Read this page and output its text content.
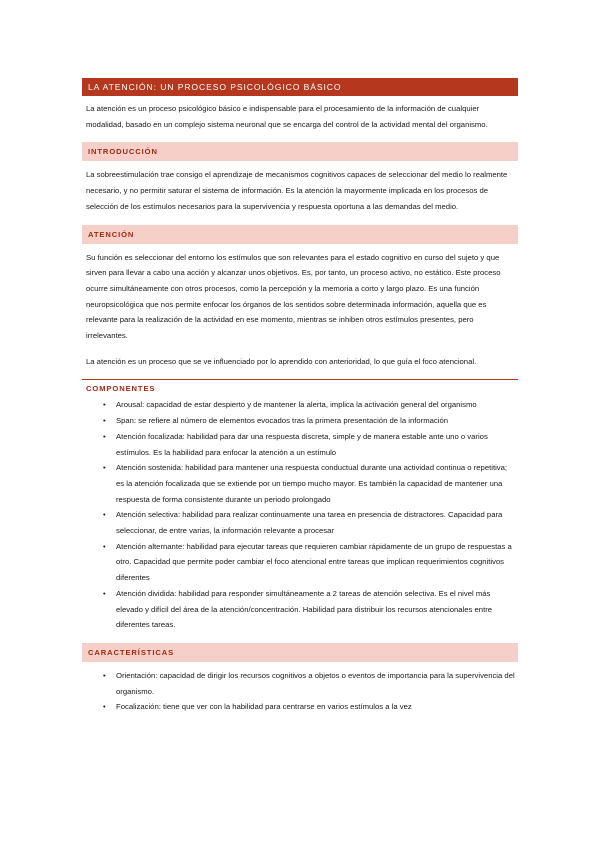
LA ATENCIÓN: UN PROCESO PSICOLÓGICO BÁSICO

La atención es un proceso psicológico básico e indispensable para el procesamiento de la información de cualquier modalidad, basado en un complejo sistema neuronal que se encarga del control de la actividad mental del organismo.

INTRODUCCIÓN

La sobreestimulación trae consigo el aprendizaje de mecanismos cognitivos capaces de seleccionar del medio lo realmente necesario, y no permitir saturar el sistema de información. Es la atención la mayormente implicada en los procesos de selección de los estímulos necesarios para la supervivencia y respuesta oportuna a las demandas del medio.

ATENCIÓN

Su función es seleccionar del entorno los estímulos que son relevantes para el estado cognitivo en curso del sujeto y que sirven para llevar a cabo una acción y alcanzar unos objetivos. Es, por tanto, un proceso activo, no estático. Este proceso ocurre simultáneamente con otros procesos, como la percepción y la memoria a corto y largo plazo. Es una función neuropsicológica que nos permite enfocar los órganos de los sentidos sobre determinada información, aquella que es relevante para la realización de la actividad en ese momento, mientras se inhiben otros estímulos presentes, pero irrelevantes.

La atención es un proceso que se ve influenciado por lo aprendido con anterioridad, lo que guía el foco atencional.

COMPONENTES
• Arousal: capacidad de estar despierto y de mantener la alerta, implica la activación general del organismo
• Span: se refiere al número de elementos evocados tras la primera presentación de la información
• Atención focalizada: habilidad para dar una respuesta discreta, simple y de manera estable ante uno o varios estímulos. Es la habilidad para enfocar la atención a un estímulo
• Atención sostenida: habilidad para mantener una respuesta conductual durante una actividad continua o repetitiva; es la atención focalizada que se extiende por un tiempo mucho mayor. Es también la capacidad de mantener una respuesta de forma consistente durante un periodo prolongado
• Atención selectiva: habilidad para realizar continuamente una tarea en presencia de distractores. Capacidad para seleccionar, de entre varias, la información relevante a procesar
• Atención alternante: habilidad para ejecutar tareas que requieren cambiar rápidamente de un grupo de respuestas a otro. Capacidad que permite poder cambiar el foco atencional entre tareas que implican requerimientos cognitivos diferentes
• Atención dividida: habilidad para responder simultáneamente a 2 tareas de atención selectiva. Es el nivel más elevado y difícil del área de la atención/concentración. Habilidad para distribuir los recursos atencionales entre diferentes tareas.
CARACTERÍSTICAS
• Orientación: capacidad de dirigir los recursos cognitivos a objetos o eventos de importancia para la supervivencia del organismo.
• Focalización: tiene que ver con la habilidad para centrarse en varios estímulos a la vez
